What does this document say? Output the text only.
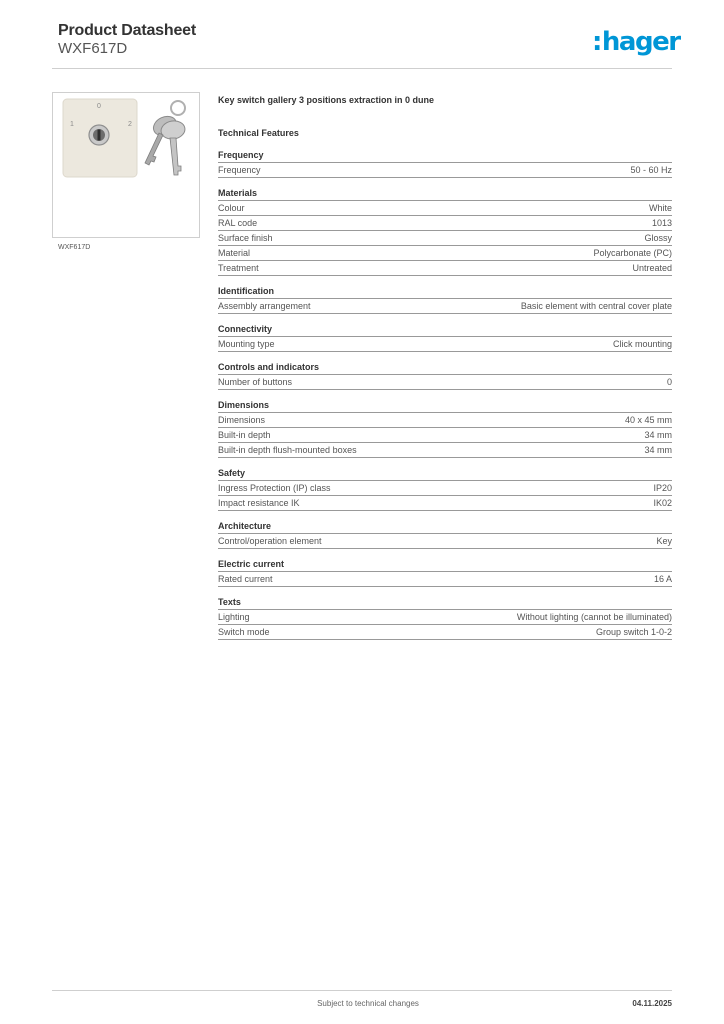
Product Datasheet
WXF617D	:hager
0
1	2
WXF617D
Key switch gallery 3 positions extraction in 0 dune
Technical Features
Frequency
Frequency	50 - 60 Hz
Materials
Colour	White
RAL code	1013
Surface finish	Glossy
Material	Polycarbonate (PC)
Treatment	Untreated
Identification
Assembly arrangement	Basic element with central cover plate
Connectivity
Mounting type	Click mounting
Controls and indicators
Number of buttons	0
Dimensions
Dimensions	40 x 45 mm
Built-in depth	34 mm
Built-in depth flush-mounted boxes	34 mm
Safety
Ingress Protection (IP) class	IP20
Impact resistance IK	IK02
Architecture
Control/operation element	Key
Electric current
Rated current	16 A
Texts
Lighting	Without lighting (cannot be illuminated)
Switch mode	Group switch 1-0-2
Subject to technical changes	04.11.2025
